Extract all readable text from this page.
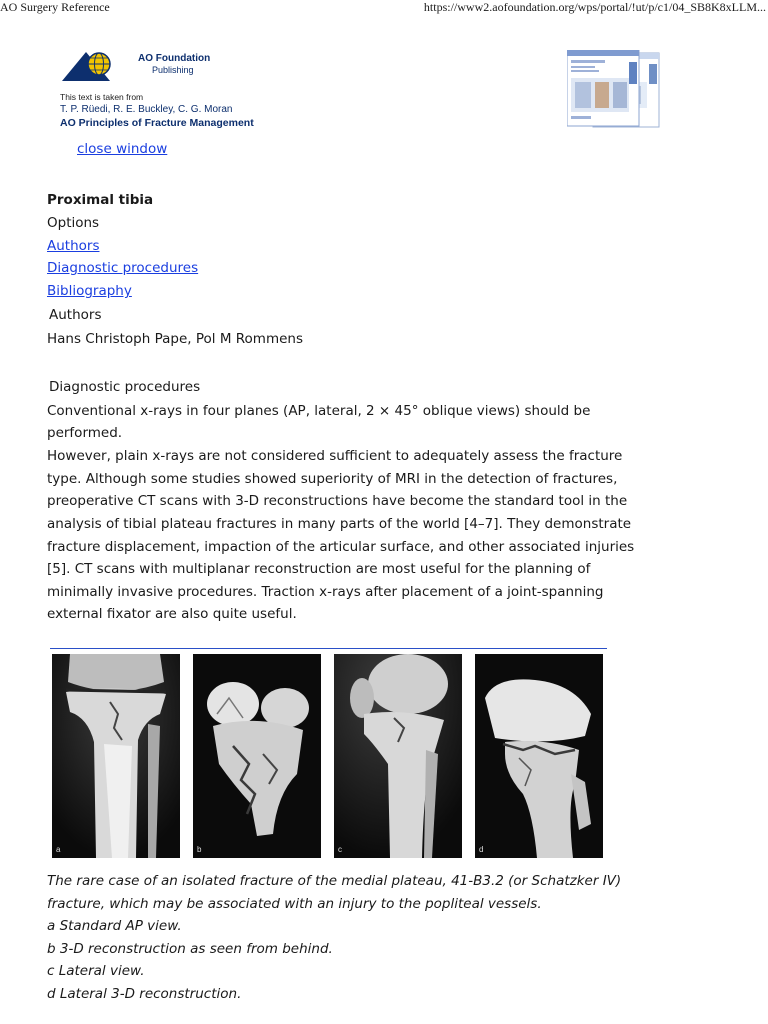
AO Surgery Reference	https://www2.aofoundation.org/wps/portal/!ut/p/c1/04_SB8K8xLLM...
AO Foundation
Publishing
This text is taken from
T. P. Rüedi, R. E. Buckley, C. G. Moran
AO Principles of Fracture Management
close window
Proximal tibia
Options
Authors
Diagnostic procedures
Bibliography
Authors
Hans Christoph Pape, Pol M Rommens
Diagnostic procedures
Conventional x-rays in four planes (AP, lateral, 2 × 45° oblique views) should be
performed.
However, plain x-rays are not considered sufficient to adequately assess the fracture
type. Although some studies showed superiority of MRI in the detection of fractures,
preoperative CT scans with 3-D reconstructions have become the standard tool in the
analysis of tibial plateau fractures in many parts of the world [4–7]. They demonstrate
fracture displacement, impaction of the articular surface, and other associated injuries
[5]. CT scans with multiplanar reconstruction are most useful for the planning of
minimally invasive procedures. Traction x-rays after placement of a joint-spanning
external fixator are also quite useful.
a	b	c	d
The rare case of an isolated fracture of the medial plateau, 41-B3.2 (or Schatzker IV)
fracture, which may be associated with an injury to the popliteal vessels.
a Standard AP view.
b 3-D reconstruction as seen from behind.
c Lateral view.
d Lateral 3-D reconstruction.
